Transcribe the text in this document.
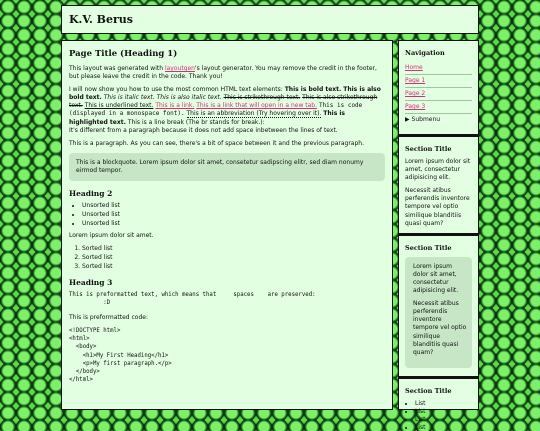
K.V. Berus
Page Title (Heading 1)

This layout was generated with layoutgen's layout generator. You may remove the credit in the footer, but please leave the credit in the code. Thank you!

I will now show you how to use the most common HTML text elements: This is bold text. This is also bold text. This is italic text. This is also italic text. This is strikethrough text. This is also strikethrough text. This is underlined text. This is a link. This is a link that will open in a new tab. This is code (displayed in a monospace font). This is an abbreviation (Try hovering over it). This is highlighted text. This is a line break (The br stands for break.):
It's different from a paragraph because it does not add space inbetween the lines of text.

This is a paragraph. As you can see, there's a bit of space between it and the previous paragraph.

This is a blockquote. Lorem ipsum dolor sit amet, consetetur sadipscing elitr, sed diam nonumy eirmod tempor.
Heading 2
• Unsorted list
• Unsorted list
• Unsorted list

Lorem ipsum dolor sit amet.

1. Sorted list
2. Sorted list
3. Sorted list
Heading 3
This is preformatted text, which means that     spaces    are preserved:
:D

This is preformatted code:

<!DOCTYPE html>
<html>
<body>
<h1>My First Heading</h1>
<p>My first paragraph.</p>
</body>
</html>
Navigation
Home
Page 1
Page 2
Page 3
▶ Submenu
Section Title

Lorem ipsum dolor sit amet, consectetur adipisicing elit.

Necessit atibus perferendis inventore tempore vel optio similique blanditiis quasi quam?

Section Title

Lorem ipsum dolor sit amet, consectetur adipisicing elit.

Necessit atibus perferendis inventore tempore vel optio similique blanditiis quasi quam?

Section Title
• List
• List
• List
• List
